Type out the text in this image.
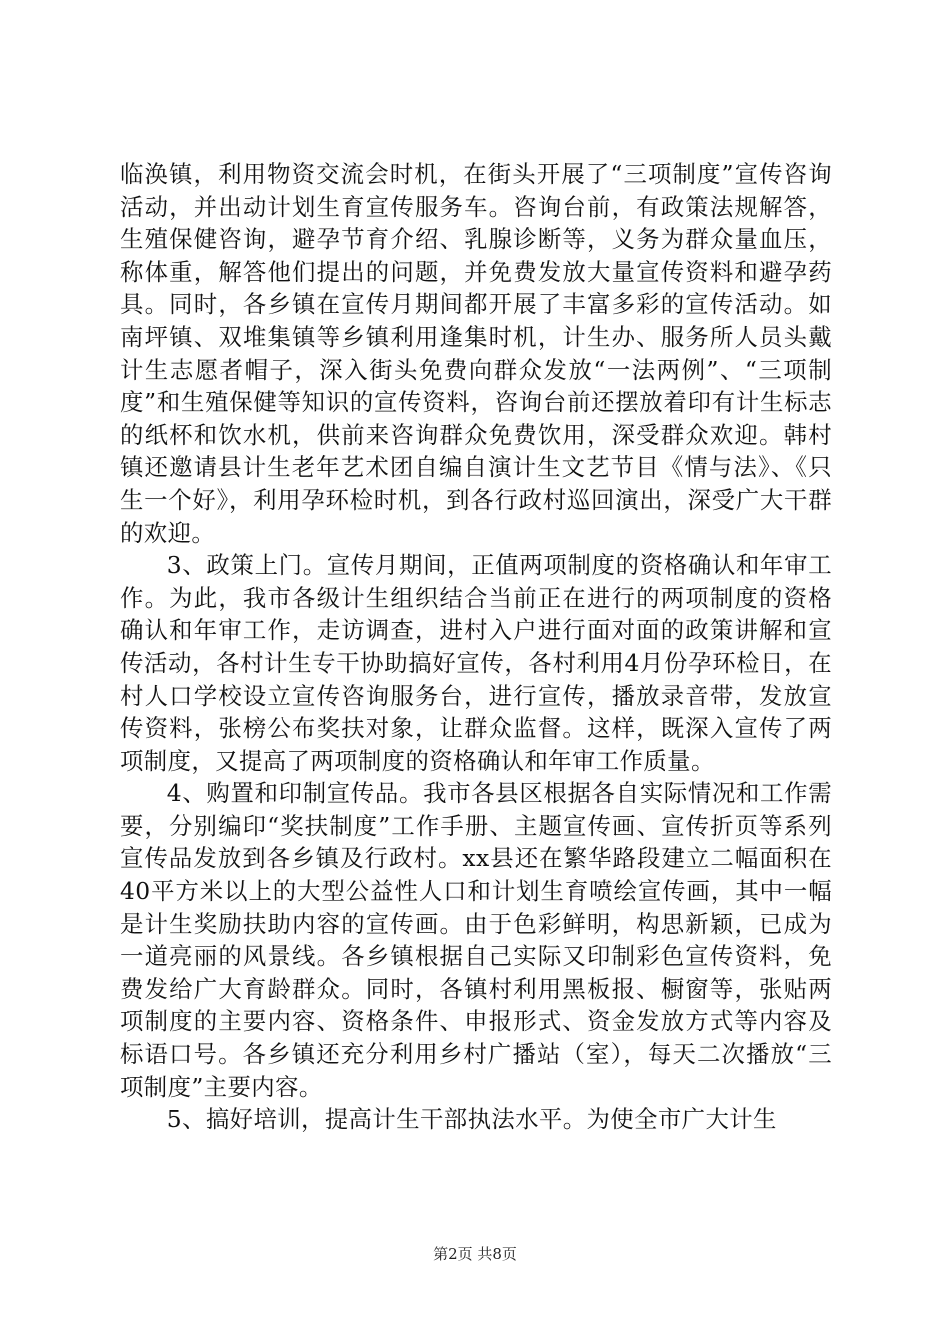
临涣镇，利用物资交流会时机，在街头开展了“三项制度”宣传咨询活动，并出动计划生育宣传服务车。咨询台前，有政策法规解答，生殖保健咨询，避孕节育介绍、乳腺诊断等，义务为群众量血压，称体重，解答他们提出的问题，并免费发放大量宣传资料和避孕药具。同时，各乡镇在宣传月期间都开展了丰富多彩的宣传活动。如南坪镇、双堆集镇等乡镇利用逢集时机，计生办、服务所人员头戴计生志愿者帽子，深入街头免费向群众发放“一法两例”、“三项制度”和生殖保健等知识的宣传资料，咨询台前还摆放着印有计生标志的纸杯和饮水机，供前来咨询群众免费饮用，深受群众欢迎。韩村镇还邀请县计生老年艺术团自编自演计生文艺节目《情与法》、《只生一个好》，利用孕环检时机，到各行政村巡回演出，深受广大干群的欢迎。

3、政策上门。宣传月期间，正值两项制度的资格确认和年审工作。为此，我市各级计生组织结合当前正在进行的两项制度的资格确认和年审工作，走访调查，进村入户进行面对面的政策讲解和宣传活动，各村计生专干协助搞好宣传，各村利用4月份孕环检日，在村人口学校设立宣传咨询服务台，进行宣传，播放录音带，发放宣传资料，张榜公布奖扶对象，让群众监督。这样，既深入宣传了两项制度，又提高了两项制度的资格确认和年审工作质量。

4、购置和印制宣传品。我市各县区根据各自实际情况和工作需要，分别编印“奖扶制度”工作手册、主题宣传画、宣传折页等系列宣传品发放到各乡镇及行政村。xx县还在繁华路段建立二幅面积在40平方米以上的大型公益性人口和计划生育喷绘宣传画，其中一幅是计生奖励扶助内容的宣传画。由于色彩鲜明，构思新颖，已成为一道亮丽的风景线。各乡镇根据自己实际又印制彩色宣传资料，免费发给广大育龄群众。同时，各镇村利用黑板报、橱窗等，张贴两项制度的主要内容、资格条件、申报形式、资金发放方式等内容及标语口号。各乡镇还充分利用乡村广播站（室），每天二次播放“三项制度”主要内容。

5、搞好培训，提高计生干部执法水平。为使全市广大计生

第2页 共8页
